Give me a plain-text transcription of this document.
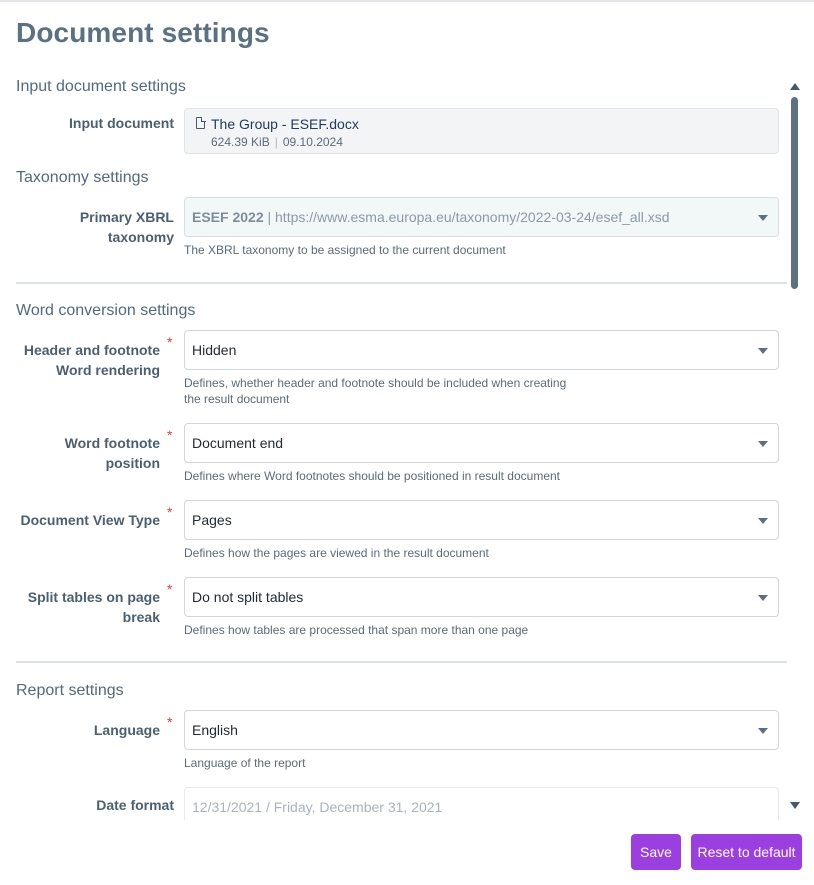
Document settings
Input document settings
Input document	The Group - ESEF.docx
624.39 KiB | 09.10.2024
Taxonomy settings
Primary XBRL
taxonomy
ESEF 2022 | https://www.esma.europa.eu/taxonomy/2022-03-24/esef_all.xsd
The XBRL taxonomy to be assigned to the current document
Word conversion settings
Header and footnote
Word rendering
* Hidden
Defines, whether header and footnote should be included when creating
the result document
Word footnote
position
* Document end
Defines where Word footnotes should be positioned in result document
Document View Type * Pages
Defines how the pages are viewed in the result document
Split tables on page
break
* Do not split tables
Defines how tables are processed that span more than one page
Report settings
Language * English
Language of the report
Date format 12/31/2021 / Friday, December 31, 2021
Save	Reset to default
